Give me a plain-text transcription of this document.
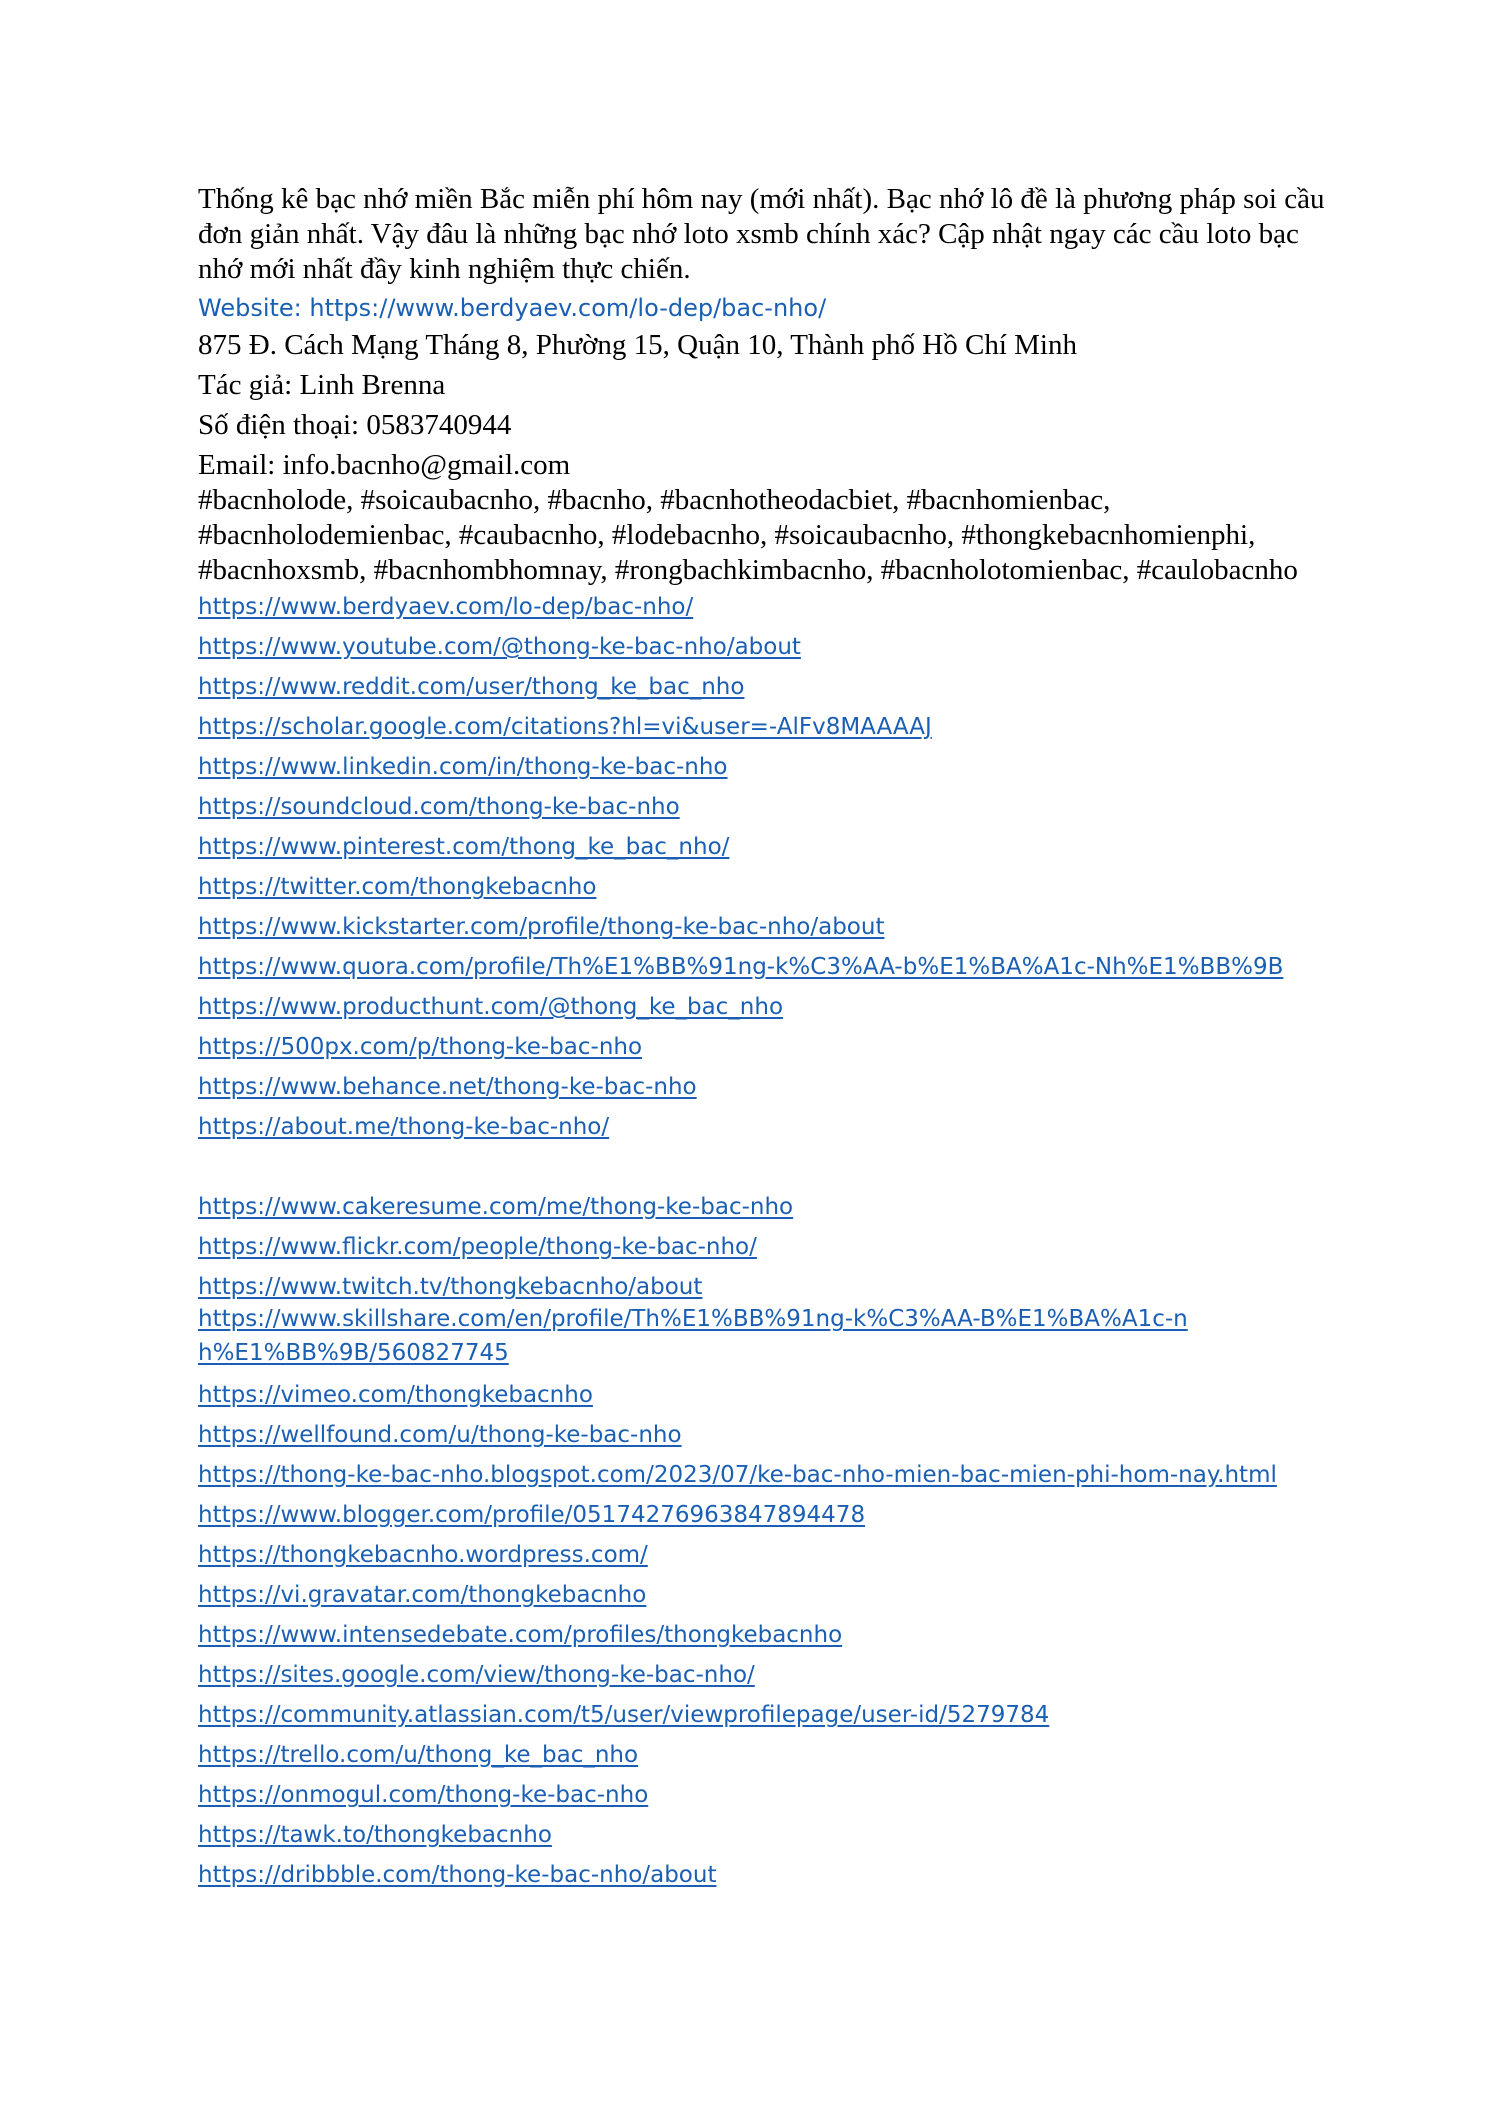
Thống kê bạc nhớ miền Bắc miễn phí hôm nay (mới nhất). Bạc nhớ lô đề là phương pháp soi cầu đơn giản nhất. Vậy đâu là những bạc nhớ loto xsmb chính xác? Cập nhật ngay các cầu loto bạc nhớ mới nhất đầy kinh nghiệm thực chiến.

Website: https://www.berdyaev.com/lo-dep/bac-nho/

875 Đ. Cách Mạng Tháng 8, Phường 15, Quận 10, Thành phố Hồ Chí Minh

Tác giả: Linh Brenna

Số điện thoại: 0583740944

Email: info.bacnho@gmail.com

#bacnholode, #soicaubacnho, #bacnho, #bacnhotheodacbiet, #bacnhomienbac, #bacnholodemienbac, #caubacnho, #lodebacnho, #soicaubacnho, #thongkebacnhomienphi, #bacnhoxsmb, #bacnhombhomnay, #rongbachkimbacnho, #bacnholotomienbac, #caulobacnho

https://www.berdyaev.com/lo-dep/bac-nho/
https://www.youtube.com/@thong-ke-bac-nho/about
https://www.reddit.com/user/thong_ke_bac_nho
https://scholar.google.com/citations?hl=vi&user=-AlFv8MAAAAJ
https://www.linkedin.com/in/thong-ke-bac-nho
https://soundcloud.com/thong-ke-bac-nho
https://www.pinterest.com/thong_ke_bac_nho/
https://twitter.com/thongkebacnho
https://www.kickstarter.com/profile/thong-ke-bac-nho/about
https://www.quora.com/profile/Th%E1%BB%91ng-k%C3%AA-b%E1%BA%A1c-Nh%E1%BB%9B
https://www.producthunt.com/@thong_ke_bac_nho
https://500px.com/p/thong-ke-bac-nho
https://www.behance.net/thong-ke-bac-nho
https://about.me/thong-ke-bac-nho/
https://www.cakeresume.com/me/thong-ke-bac-nho
https://www.flickr.com/people/thong-ke-bac-nho/
https://www.twitch.tv/thongkebacnho/about
https://www.skillshare.com/en/profile/Th%E1%BB%91ng-k%C3%AA-B%E1%BA%A1c-nh%E1%BB%9B/560827745
https://vimeo.com/thongkebacnho
https://wellfound.com/u/thong-ke-bac-nho
https://thong-ke-bac-nho.blogspot.com/2023/07/ke-bac-nho-mien-bac-mien-phi-hom-nay.html
https://www.blogger.com/profile/05174276963847894478
https://thongkebacnho.wordpress.com/
https://vi.gravatar.com/thongkebacnho
https://www.intensedebate.com/profiles/thongkebacnho
https://sites.google.com/view/thong-ke-bac-nho/
https://community.atlassian.com/t5/user/viewprofilepage/user-id/5279784
https://trello.com/u/thong_ke_bac_nho
https://onmogul.com/thong-ke-bac-nho
https://tawk.to/thongkebacnho
https://dribbble.com/thong-ke-bac-nho/about
